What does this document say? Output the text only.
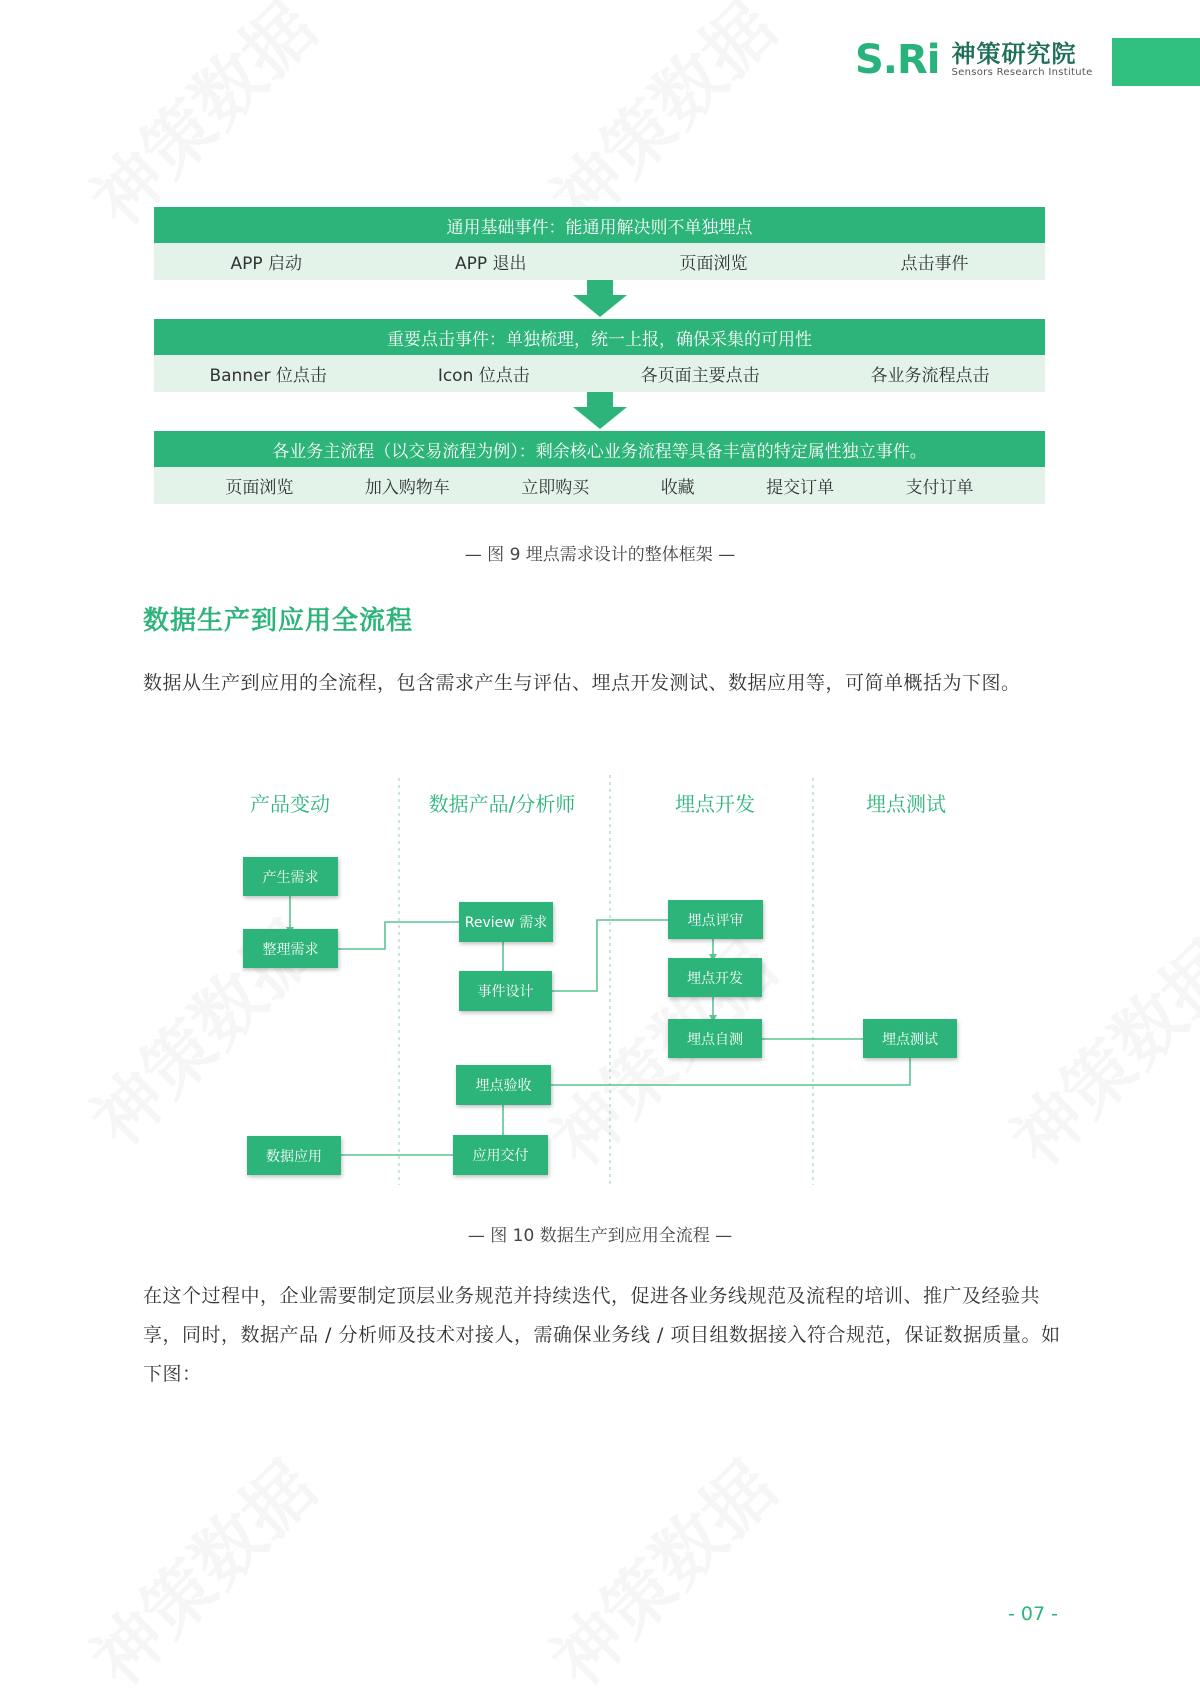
S.Ri 神策研究院
Sensors Research Institute
通用基础事件：能通用解决则不单独埋点
APP 启动	APP 退出	页面浏览	点击事件
重要点击事件：单独梳理，统一上报，确保采集的可用性
Banner 位点击	Icon 位点击	各页面主要点击	各业务流程点击
各业务主流程（以交易流程为例）：剩余核心业务流程等具备丰富的特定属性独立事件。
页面浏览	加入购物车	立即购买	收藏	提交订单	支付订单
— 图 9 埋点需求设计的整体框架 —
数据生产到应用全流程
数据从生产到应用的全流程，包含需求产生与评估、埋点开发测试、数据应用等，可简单概括为下图。
产品变动	数据产品/分析师	埋点开发	埋点测试
产生需求
整理需求
Review 需求
事件设计
埋点评审
埋点开发
埋点自测	埋点测试
埋点验收
应用交付
数据应用
— 图 10 数据生产到应用全流程 —
在这个过程中，企业需要制定顶层业务规范并持续迭代，促进各业务线规范及流程的培训、推广及经验共享，同时，数据产品 / 分析师及技术对接人，需确保业务线 / 项目组数据接入符合规范，保证数据质量。如下图：
- 07 -
